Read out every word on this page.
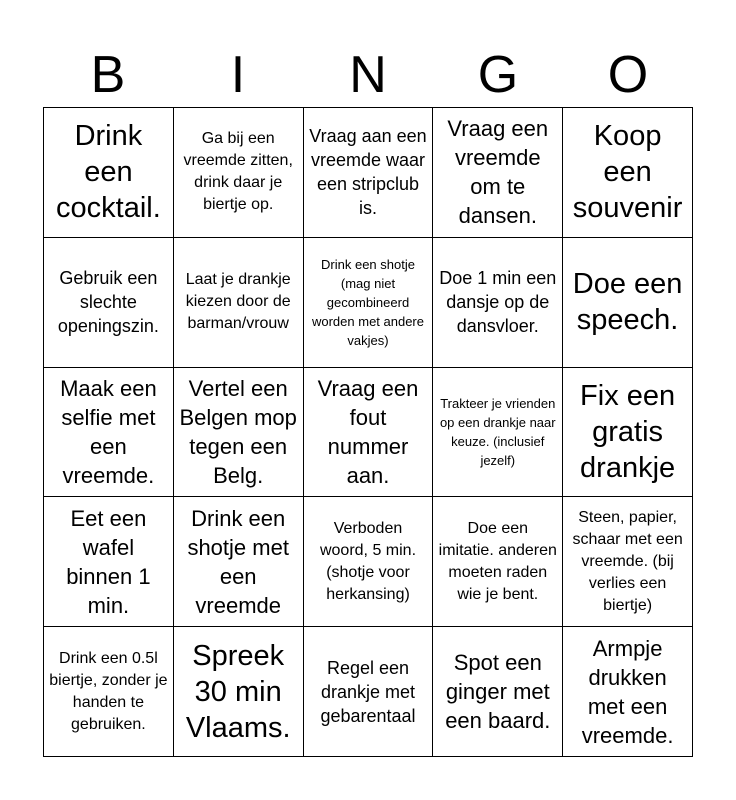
B	I	N	G	O
Drink een cocktail.
Ga bij een vreemde zitten, drink daar je biertje op.
Vraag aan een vreemde waar een stripclub is.
Vraag een vreemde om te dansen.
Koop een souvenir
Gebruik een slechte openingszin.
Laat je drankje kiezen door de barman/vrouw
Drink een shotje (mag niet gecombineerd worden met andere vakjes)
Doe 1 min een dansje op de dansvloer.
Doe een speech.
Maak een selfie met een vreemde.
Vertel een Belgen mop tegen een Belg.
Vraag een fout nummer aan.
Trakteer je vrienden op een drankje naar keuze. (inclusief jezelf)
Fix een gratis drankje
Eet een wafel binnen 1 min.
Drink een shotje met een vreemde
Verboden woord, 5 min. (shotje voor herkansing)
Doe een imitatie. anderen moeten raden wie je bent.
Steen, papier, schaar met een vreemde. (bij verlies een biertje)
Drink een 0.5l biertje, zonder je handen te gebruiken.
Spreek 30 min Vlaams.
Regel een drankje met gebarentaal
Spot een ginger met een baard.
Armpje drukken met een vreemde.
